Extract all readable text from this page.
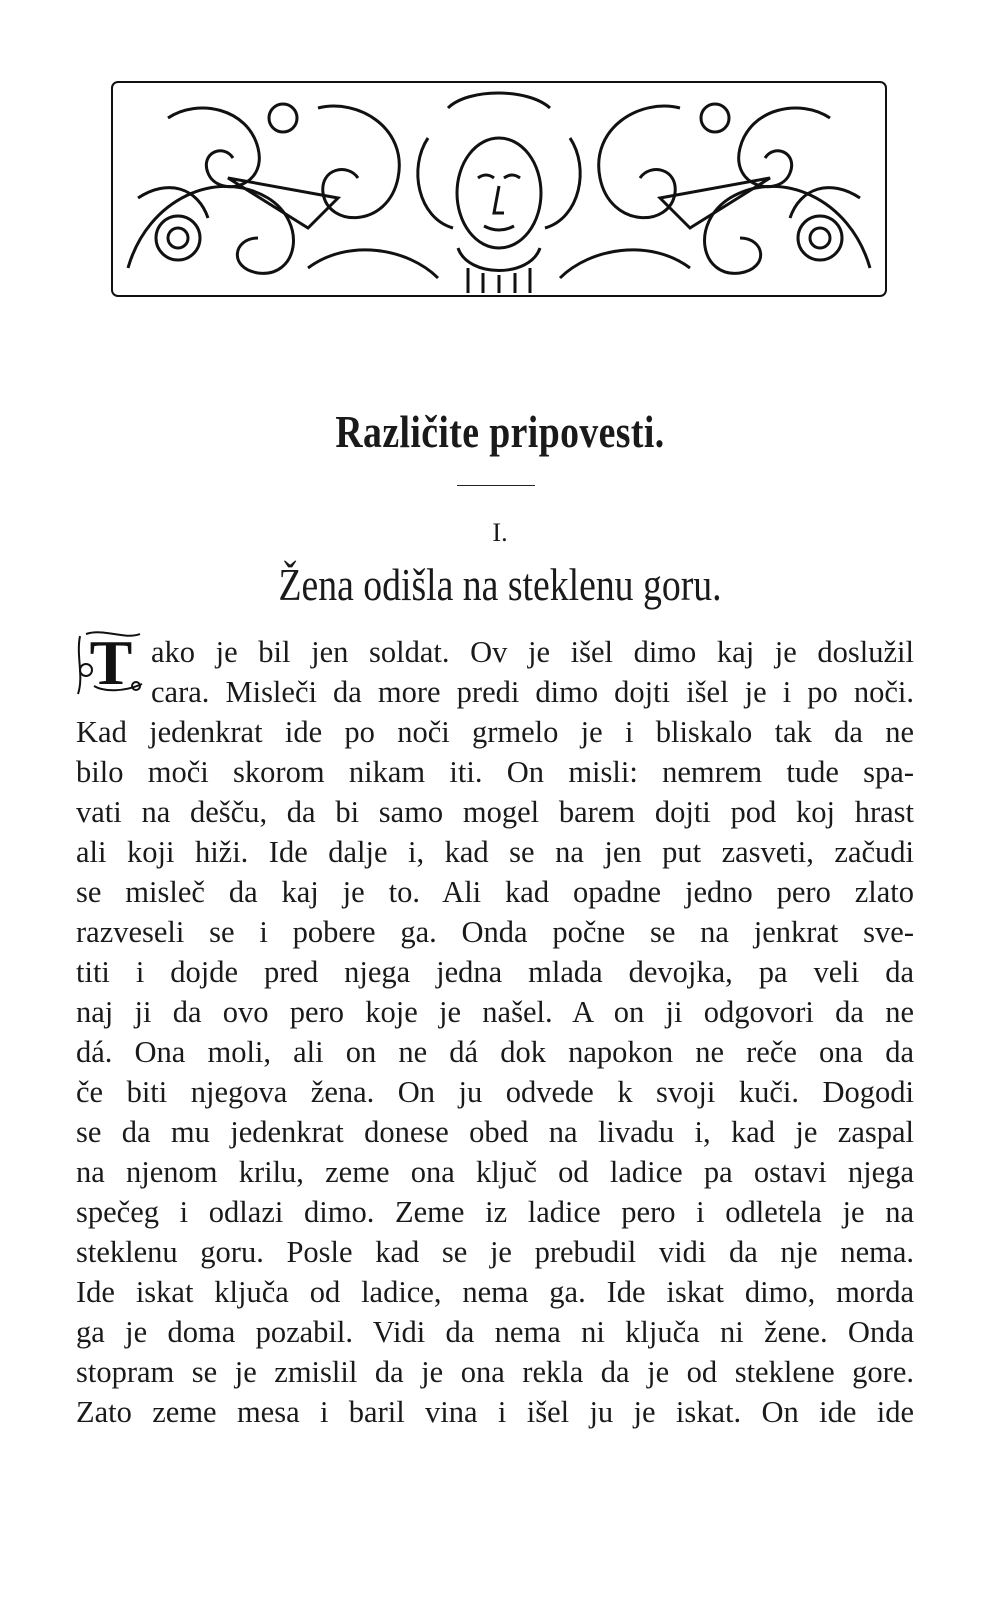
Različite pripovesti.
I.
Žena odišla na steklenu goru.
T ako je bil jen soldat. Ov je išel dimo kaj je doslužil
cara. Misleči da more predi dimo dojti išel je i po noči.
Kad jedenkrat ide po noči grmelo je i bliskalo tak da ne
bilo moči skorom nikam iti. On misli: nemrem tude spa-
vati na dešču, da bi samo mogel barem dojti pod koj hrast
ali koji hiži. Ide dalje i, kad se na jen put zasveti, začudi
se misleč da kaj je to. Ali kad opadne jedno pero zlato
razveseli se i pobere ga. Onda počne se na jenkrat sve-
titi i dojde pred njega jedna mlada devojka, pa veli da
naj ji da ovo pero koje je našel. A on ji odgovori da ne
dá. Ona moli, ali on ne dá dok napokon ne reče ona da
če biti njegova žena. On ju odvede k svoji kuči. Dogodi
se da mu jedenkrat donese obed na livadu i, kad je zaspal
na njenom krilu, zeme ona ključ od ladice pa ostavi njega
spečeg i odlazi dimo. Zeme iz ladice pero i odletela je na
steklenu goru. Posle kad se je prebudil vidi da nje nema.
Ide iskat ključa od ladice, nema ga. Ide iskat dimo, morda
ga je doma pozabil. Vidi da nema ni ključa ni žene. Onda
stopram se je zmislil da je ona rekla da je od steklene gore.
Zato zeme mesa i baril vina i išel ju je iskat. On ide ide
